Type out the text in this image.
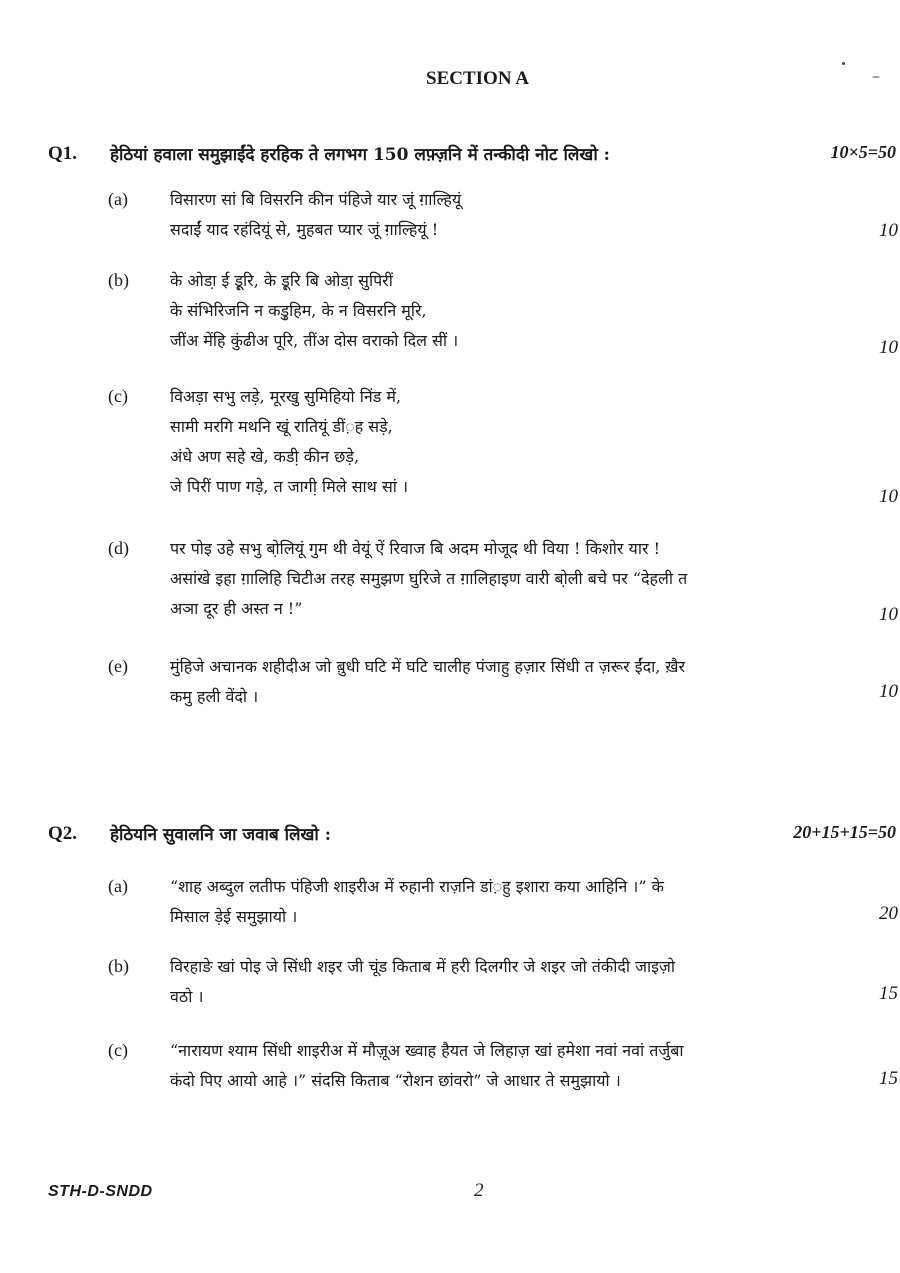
SECTION A
Q1. हेठियां हवाला समुझाईंदे हरहिक ते लगभग 150 लफ़्ज़नि में तन्कीदी नोट लिखो :	10×5=50
(a)	विसारण सां बि विसरनि कीन पंहिजे यार जूं ग़ाल्हियूं
सदाईं याद रहंदियूं से, मुहबत प्यार जूं ग़ाल्हियूं !	10
(b)	के ओडा़ ई डू़रि, के डू़रि बि ओडा़ सुपिरीं
के संभिरिजनि न कडु़हिम, के न विसरनि मूरि,
जींअ मेंहि कुंढीअ पूरि, तींअ दोस वराको दिल सीं ।	10
(c)	विअड़ा सभु लडे़, मूरखु सुमिहियो निंड में,
सामी मरगि मथनि खूं रातियूं डीं़ह सडे़,
अंधे अण सहे खे, कडी़ कीन छडे़,
जे पिरीं पाण गडे़, त जागी़ मिले साथ सां ।	10
(d)	पर पोइ उहे सभु बो़लियूं गुम थी वेयूं ऐं रिवाज बि अदम मोजूद थी विया ! किशोर यार !
असांखे इहा ग़ालिहि चिटीअ तरह समुझण घुरिजे त ग़ालिहाइण वारी बो़ली बचे पर “देहली त
अञा दूर ही अस्त न !”	10
(e)	मुंहिजे अचानक शहीदीअ जो बु़धी घटि में घटि चालीह पंजाहु हज़ार सिंधी त ज़रूर ईंदा, ख़ैर
कमु हली वेंदो ।	10
Q2. हेठियनि सुवालनि जा जवाब लिखो :	20+15+15=50
(a)	“शाह अब्दुल लतीफ पंहिजी शाइरीअ में रुहानी राज़नि डां़हु इशारा कया आहिनि ।” के
मिसाल डे़ई समुझायो ।	20
(b)	विरहाङे खां पोइ जे सिंधी शइर जी चूंड किताब में हरी दिलगीर जे शइर जो तंकीदी जाइज़ो
वठो ।	15
(c)	“नारायण श्याम सिंधी शाइरीअ में मौज़ूअ ख्वाह हैयत जे लिहाज़ खां हमेशा नवां नवां तर्जुबा
कंदो पिए आयो आहे ।” संदसि किताब “रोशन छांवरो” जे आधार ते समुझायो ।	15
STH-D-SNDD	2
